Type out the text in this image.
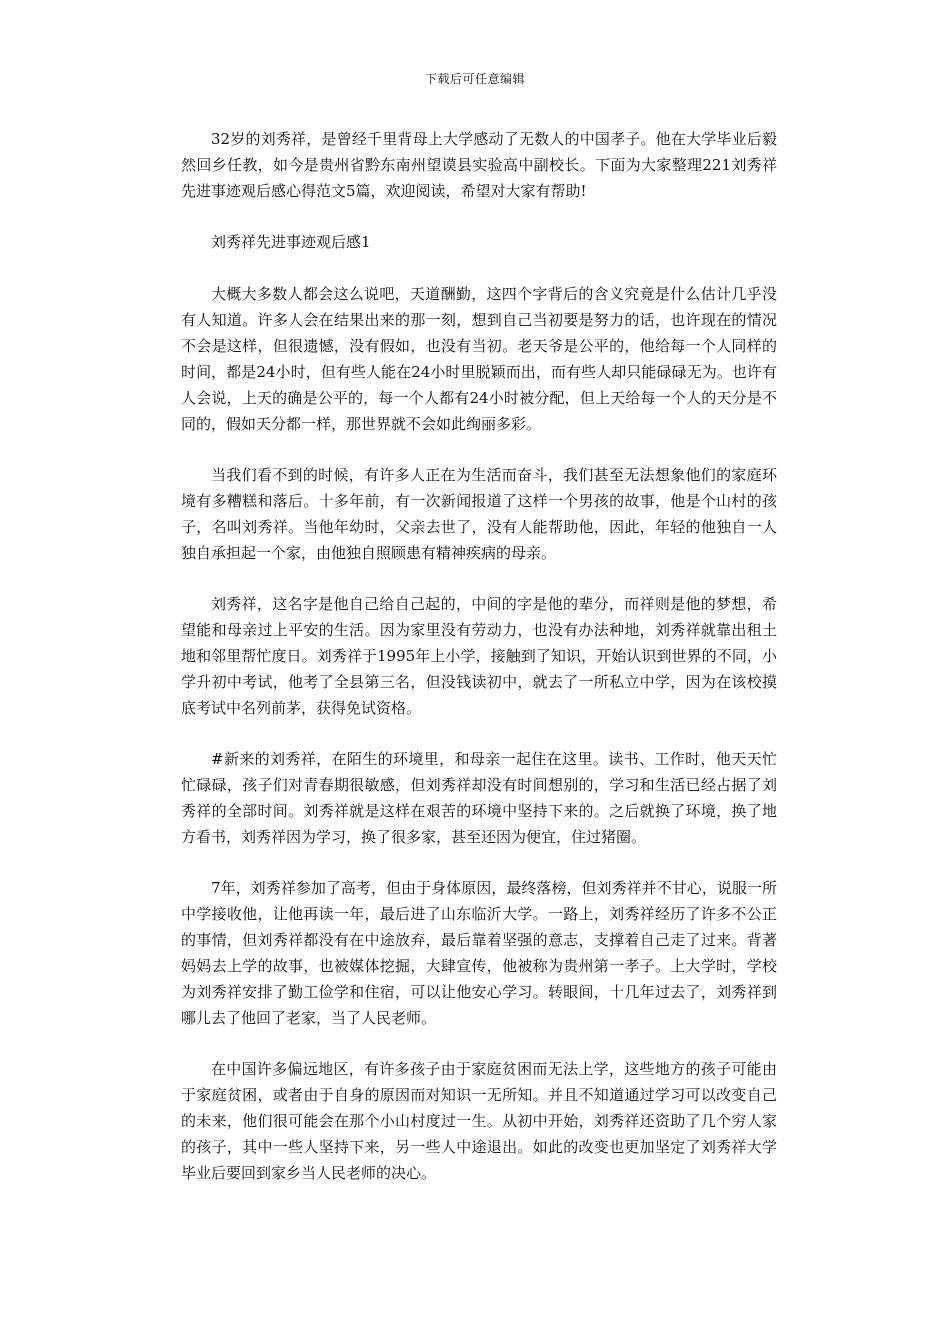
下载后可任意编辑

32岁的刘秀祥，是曾经千里背母上大学感动了无数人的中国孝子。他在大学毕业后毅然回乡任教，如今是贵州省黔东南州望谟县实验高中副校长。下面为大家整理221刘秀祥先进事迹观后感心得范文5篇，欢迎阅读，希望对大家有帮助!

刘秀祥先进事迹观后感1

大概大多数人都会这么说吧，天道酬勤，这四个字背后的含义究竟是什么估计几乎没有人知道。许多人会在结果出来的那一刻，想到自己当初要是努力的话，也许现在的情况不会是这样，但很遗憾，没有假如，也没有当初。老天爷是公平的，他给每一个人同样的时间，都是24小时，但有些人能在24小时里脱颖而出，而有些人却只能碌碌无为。也许有人会说，上天的确是公平的，每一个人都有24小时被分配，但上天给每一个人的天分是不同的，假如天分都一样，那世界就不会如此绚丽多彩。

当我们看不到的时候，有许多人正在为生活而奋斗，我们甚至无法想象他们的家庭环境有多糟糕和落后。十多年前，有一次新闻报道了这样一个男孩的故事，他是个山村的孩子，名叫刘秀祥。当他年幼时，父亲去世了，没有人能帮助他，因此，年轻的他独自一人独自承担起一个家，由他独自照顾患有精神疾病的母亲。

刘秀祥，这名字是他自己给自己起的，中间的字是他的辈分，而祥则是他的梦想，希望能和母亲过上平安的生活。因为家里没有劳动力，也没有办法种地，刘秀祥就靠出租土地和邻里帮忙度日。刘秀祥于1995年上小学，接触到了知识，开始认识到世界的不同，小学升初中考试，他考了全县第三名，但没钱读初中，就去了一所私立中学，因为在该校摸底考试中名列前茅，获得免试资格。

#新来的刘秀祥，在陌生的环境里，和母亲一起住在这里。读书、工作时，他天天忙忙碌碌，孩子们对青春期很敏感，但刘秀祥却没有时间想别的，学习和生活已经占据了刘秀祥的全部时间。刘秀祥就是这样在艰苦的环境中坚持下来的。之后就换了环境，换了地方看书，刘秀祥因为学习，换了很多家，甚至还因为便宜，住过猪圈。

7年，刘秀祥参加了高考，但由于身体原因，最终落榜，但刘秀祥并不甘心，说服一所中学接收他，让他再读一年，最后进了山东临沂大学。一路上，刘秀祥经历了许多不公正的事情，但刘秀祥都没有在中途放弃，最后靠着坚强的意志，支撑着自己走了过来。背著妈妈去上学的故事，也被媒体挖掘，大肆宣传，他被称为贵州第一孝子。上大学时，学校为刘秀祥安排了勤工俭学和住宿，可以让他安心学习。转眼间，十几年过去了，刘秀祥到哪儿去了他回了老家，当了人民老师。

在中国许多偏远地区，有许多孩子由于家庭贫困而无法上学，这些地方的孩子可能由于家庭贫困，或者由于自身的原因而对知识一无所知。并且不知道通过学习可以改变自己的未来，他们很可能会在那个小山村度过一生。从初中开始，刘秀祥还资助了几个穷人家的孩子，其中一些人坚持下来，另一些人中途退出。如此的改变也更加坚定了刘秀祥大学毕业后要回到家乡当人民老师的决心。
